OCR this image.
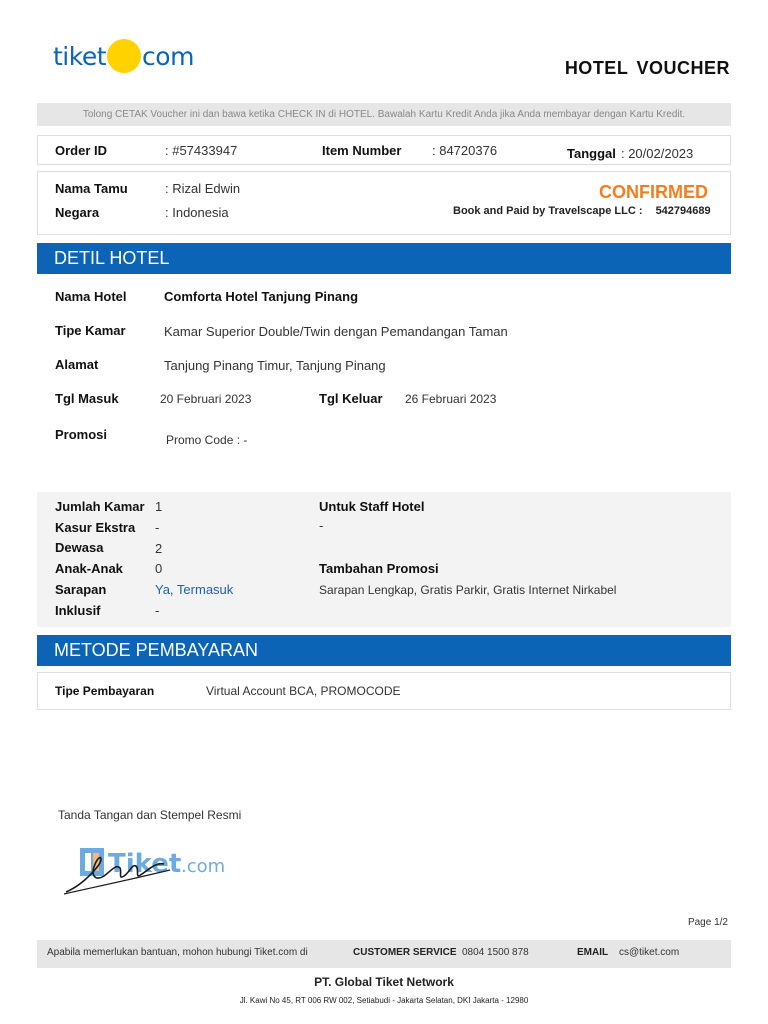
tiket com	HOTEL VOUCHER
Tolong CETAK Voucher ini dan bawa ketika CHECK IN di HOTEL. Bawalah Kartu Kredit Anda jika Anda membayar dengan Kartu Kredit.
Order ID	: #57433947	Item Number : 84720376	Tanggal : 20/02/2023
Nama Tamu	: Rizal Edwin
Negara	: Indonesia
CONFIRMED
Book and Paid by Travelscape LLC : 542794689
DETIL HOTEL
Nama Hotel	Comforta Hotel Tanjung Pinang
Tipe Kamar	Kamar Superior Double/Twin dengan Pemandangan Taman
Alamat	Tanjung Pinang Timur, Tanjung Pinang
Tgl Masuk	20 Februari 2023	Tgl Keluar 26 Februari 2023
Promosi	Promo Code : -
Jumlah Kamar 1
Kasur Ekstra -
Dewasa	2
Anak-Anak 0
Sarapan	Ya, Termasuk
Inklusif	-
Untuk Staff Hotel
-
Tambahan Promosi
Sarapan Lengkap, Gratis Parkir, Gratis Internet Nirkabel
METODE PEMBAYARAN
Tipe Pembayaran	Virtual Account BCA, PROMOCODE
Tanda Tangan dan Stempel Resmi
Tiket .com
Page 1/2
Apabila memerlukan bantuan, mohon hubungi Tiket.com di	CUSTOMER SERVICE 0804 1500 878	EMAIL cs@tiket.com
PT. Global Tiket Network
Jl. Kawi No 45, RT 006 RW 002, Setiabudi - Jakarta Selatan, DKI Jakarta - 12980
